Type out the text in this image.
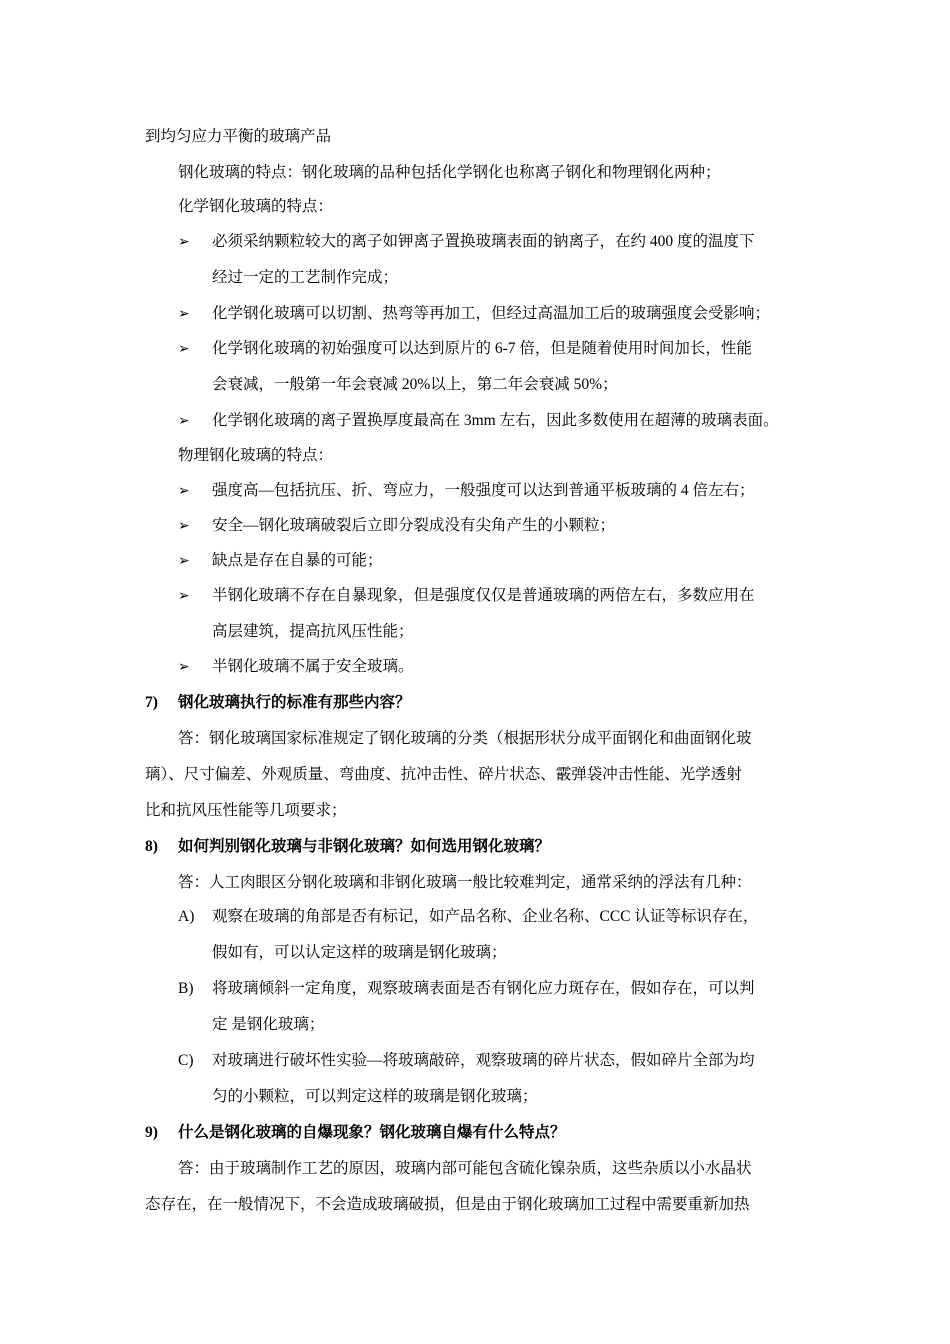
到均匀应力平衡的玻璃产品
钢化玻璃的特点：钢化玻璃的品种包括化学钢化也称离子钢化和物理钢化两种；
化学钢化玻璃的特点：
➢ 必须采纳颗粒较大的离子如钾离子置换玻璃表面的钠离子，在约 400 度的温度下
经过一定的工艺制作完成；
➢ 化学钢化玻璃可以切割、热弯等再加工，但经过高温加工后的玻璃强度会受影响；
➢ 化学钢化玻璃的初始强度可以达到原片的 6-7 倍，但是随着使用时间加长，性能
会衰减，一般第一年会衰减 20%以上，第二年会衰减 50%；
➢ 化学钢化玻璃的离子置换厚度最高在 3mm 左右，因此多数使用在超薄的玻璃表面。
物理钢化玻璃的特点：
➢ 强度高—包括抗压、折、弯应力，一般强度可以达到普通平板玻璃的 4 倍左右；
➢ 安全—钢化玻璃破裂后立即分裂成没有尖角产生的小颗粒；
➢ 缺点是存在自暴的可能；
➢ 半钢化玻璃不存在自暴现象，但是强度仅仅是普通玻璃的两倍左右，多数应用在
高层建筑，提高抗风压性能；
➢ 半钢化玻璃不属于安全玻璃。
7) 钢化玻璃执行的标准有那些内容？
答：钢化玻璃国家标准规定了钢化玻璃的分类（根据形状分成平面钢化和曲面钢化玻
璃）、尺寸偏差、外观质量、弯曲度、抗冲击性、碎片状态、霰弹袋冲击性能、光学透射
比和抗风压性能等几项要求；
8) 如何判别钢化玻璃与非钢化玻璃？如何选用钢化玻璃？
答：人工肉眼区分钢化玻璃和非钢化玻璃一般比较难判定，通常采纳的浮法有几种：
A) 观察在玻璃的角部是否有标记，如产品名称、企业名称、CCC 认证等标识存在，
假如有，可以认定这样的玻璃是钢化玻璃；
B) 将玻璃倾斜一定角度，观察玻璃表面是否有钢化应力斑存在，假如存在，可以判
定 是钢化玻璃；
C) 对玻璃进行破坏性实验—将玻璃敲碎，观察玻璃的碎片状态，假如碎片全部为均
匀的小颗粒，可以判定这样的玻璃是钢化玻璃；
9) 什么是钢化玻璃的自爆现象？钢化玻璃自爆有什么特点？
答：由于玻璃制作工艺的原因，玻璃内部可能包含硫化镍杂质，这些杂质以小水晶状
态存在，在一般情况下，不会造成玻璃破损，但是由于钢化玻璃加工过程中需要重新加热
